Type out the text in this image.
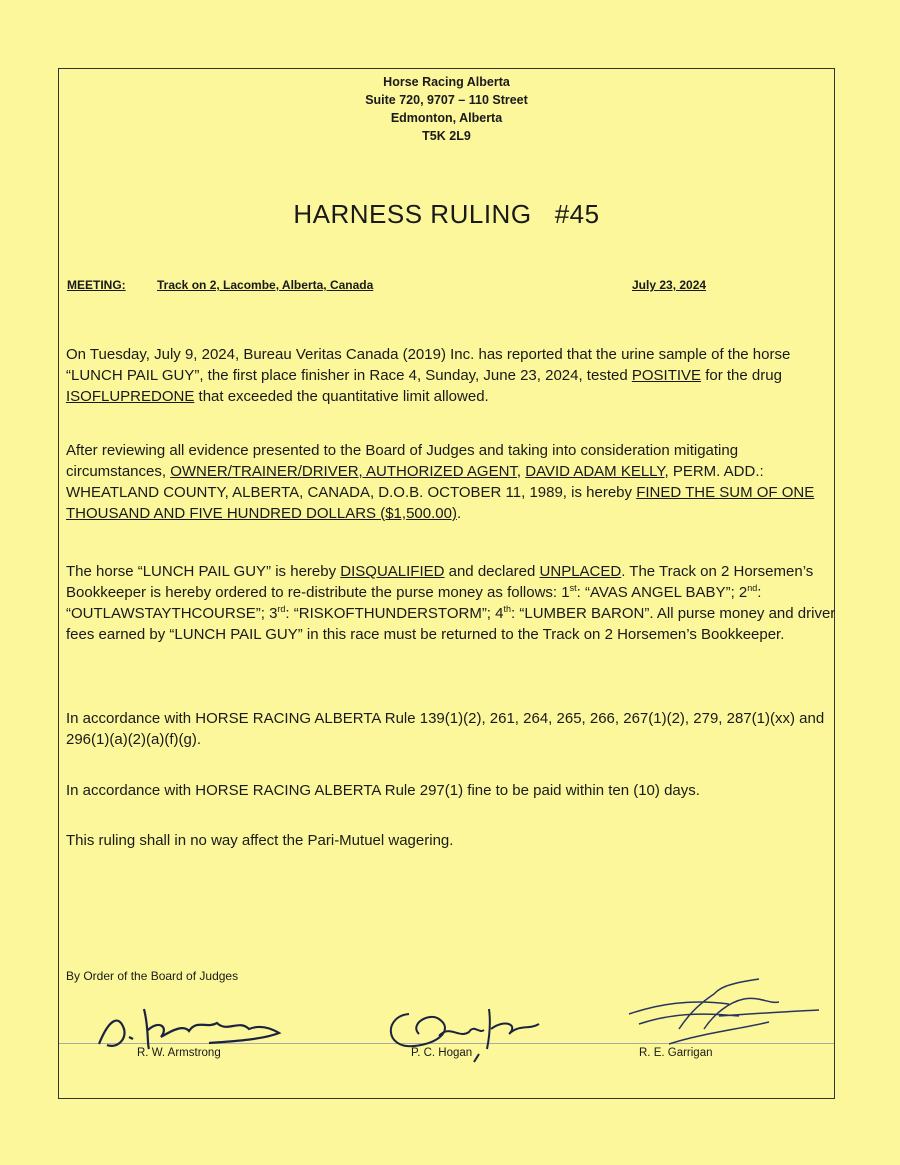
Horse Racing Alberta
Suite 720, 9707 – 110 Street
Edmonton, Alberta
T5K 2L9
HARNESS RULING   #45
MEETING:	Track on 2, Lacombe, Alberta, Canada	July 23, 2024
On Tuesday, July 9, 2024, Bureau Veritas Canada (2019) Inc. has reported that the urine sample of the horse “LUNCH PAIL GUY”, the first place finisher in Race 4, Sunday, June 23, 2024, tested POSITIVE for the drug ISOFLUPREDONE that exceeded the quantitative limit allowed.
After reviewing all evidence presented to the Board of Judges and taking into consideration mitigating circumstances, OWNER/TRAINER/DRIVER, AUTHORIZED AGENT, DAVID ADAM KELLY, PERM. ADD.: WHEATLAND COUNTY, ALBERTA, CANADA, D.O.B. OCTOBER 11, 1989, is hereby FINED THE SUM OF ONE THOUSAND AND FIVE HUNDRED DOLLARS ($1,500.00).
The horse “LUNCH PAIL GUY” is hereby DISQUALIFIED and declared UNPLACED. The Track on 2 Horsemen’s Bookkeeper is hereby ordered to re-distribute the purse money as follows: 1st: “AVAS ANGEL BABY”; 2nd: “OUTLAWSTAYTHCOURSE”; 3rd: “RISKOFTHUNDERSTORM”; 4th: “LUMBER BARON”. All purse money and driver fees earned by “LUNCH PAIL GUY” in this race must be returned to the Track on 2 Horsemen’s Bookkeeper.
In accordance with HORSE RACING ALBERTA Rule 139(1)(2), 261, 264, 265, 266, 267(1)(2), 279, 287(1)(xx) and 296(1)(a)(2)(a)(f)(g).
In accordance with HORSE RACING ALBERTA Rule 297(1) fine to be paid within ten (10) days.
This ruling shall in no way affect the Pari-Mutuel wagering.
By Order of the Board of Judges
R. W. Armstrong	P. C. Hogan	R. E. Garrigan
